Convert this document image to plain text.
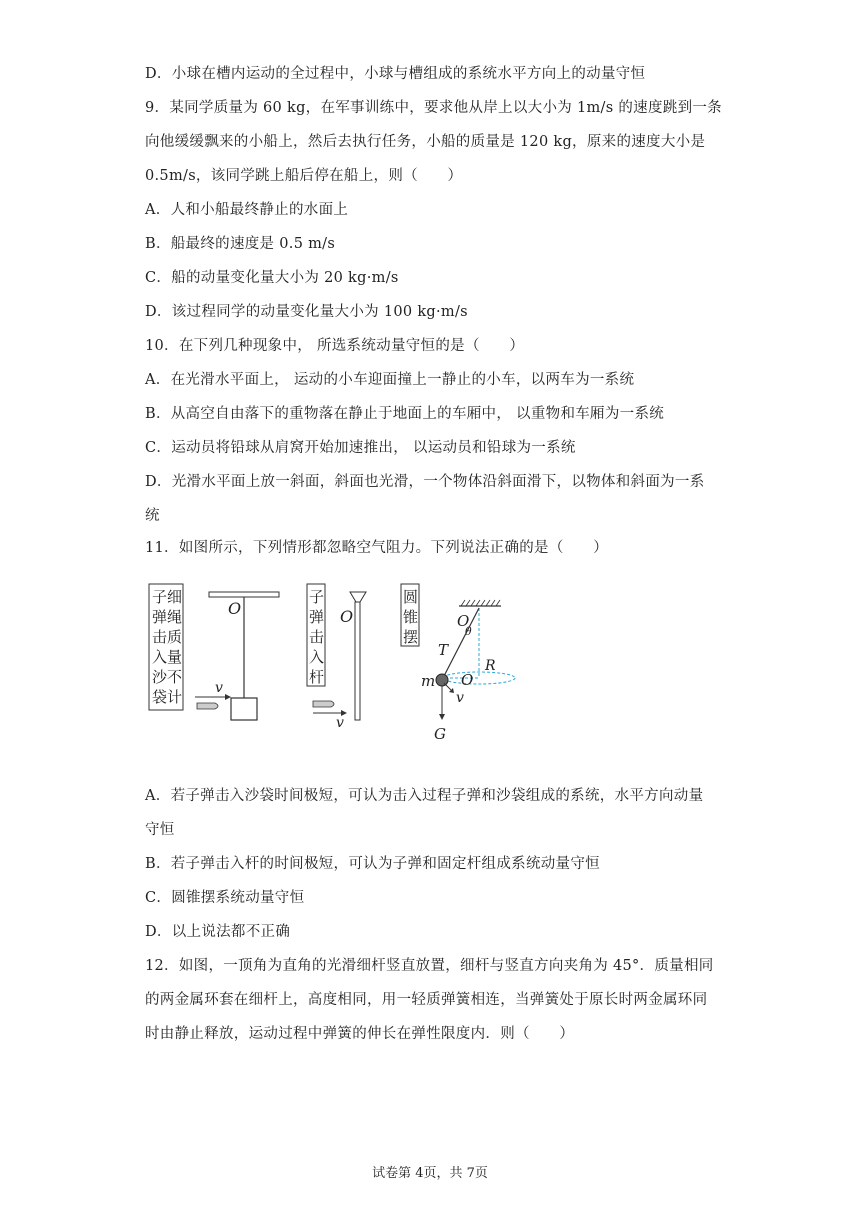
D．小球在槽内运动的全过程中，小球与槽组成的系统水平方向上的动量守恒
9．某同学质量为 60 kg，在军事训练中，要求他从岸上以大小为 1m/s 的速度跳到一条
向他缓缓飘来的小船上，然后去执行任务，小船的质量是 120 kg，原来的速度大小是
0.5m/s，该同学跳上船后停在船上，则（　　）
A．人和小船最终静止的水面上
B．船最终的速度是 0.5 m/s
C．船的动量变化量大小为 20 kg·m/s
D．该过程同学的动量变化量大小为 100 kg·m/s
10．在下列几种现象中， 所选系统动量守恒的是（　　）
A．在光滑水平面上， 运动的小车迎面撞上一静止的小车，以两车为一系统
B．从高空自由落下的重物落在静止于地面上的车厢中， 以重物和车厢为一系统
C．运动员将铅球从肩窝开始加速推出， 以运动员和铅球为一系统
D．光滑水平面上放一斜面，斜面也光滑，一个物体沿斜面滑下，以物体和斜面为一系
统
11．如图所示，下列情形都忽略空气阻力。下列说法正确的是（　　）
A．若子弹击入沙袋时间极短，可认为击入过程子弹和沙袋组成的系统，水平方向动量
守恒
B．若子弹击入杆的时间极短，可认为子弹和固定杆组成系统动量守恒
C．圆锥摆系统动量守恒
D．以上说法都不正确
12．如图，一顶角为直角的光滑细杆竖直放置，细杆与竖直方向夹角为 45°．质量相同
的两金属环套在细杆上，高度相同，用一轻质弹簧相连，当弹簧处于原长时两金属环同
时由静止释放，运动过程中弹簧的伸长在弹性限度内．则（　　）
子
弹
击
入
沙
袋
细
绳
质
量
不
计
O
v
子
弹
击
入
杆
O
v
圆
锥
摆
O
θ
R
O
T
m
v
G
试卷第 4页，共 7页
